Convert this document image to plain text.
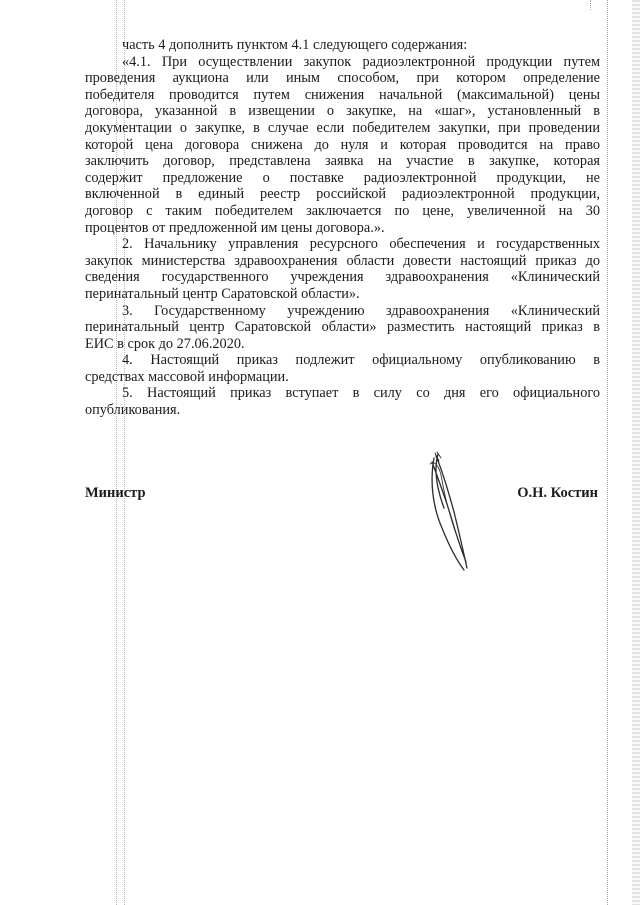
часть 4 дополнить пунктом 4.1 следующего содержания:

«4.1. При осуществлении закупок радиоэлектронной продукции путем

проведения аукциона или иным способом, при котором определение

победителя проводится путем снижения начальной (максимальной) цены

договора, указанной в извещении о закупке, на «шаг», установленный в

документации о закупке, в случае если победителем закупки, при проведении

которой цена договора снижена до нуля и которая проводится на право

заключить договор, представлена заявка на участие в закупке, которая

содержит предложение о поставке радиоэлектронной продукции, не

включенной в единый реестр российской радиоэлектронной продукции,

договор с таким победителем заключается по цене, увеличенной на 30

процентов от предложенной им цены договора.».

2. Начальнику управления ресурсного обеспечения и государственных

закупок министерства здравоохранения области довести настоящий приказ до

сведения государственного учреждения здравоохранения «Клинический

перинатальный центр Саратовской области».

3. Государственному учреждению здравоохранения «Клинический

перинатальный центр Саратовской области» разместить настоящий приказ в

ЕИС в срок до 27.06.2020.

4. Настоящий приказ подлежит официальному опубликованию в

средствах массовой информации.

5. Настоящий приказ вступает в силу со дня его официального

опубликования.

Министр	О.Н. Костин
